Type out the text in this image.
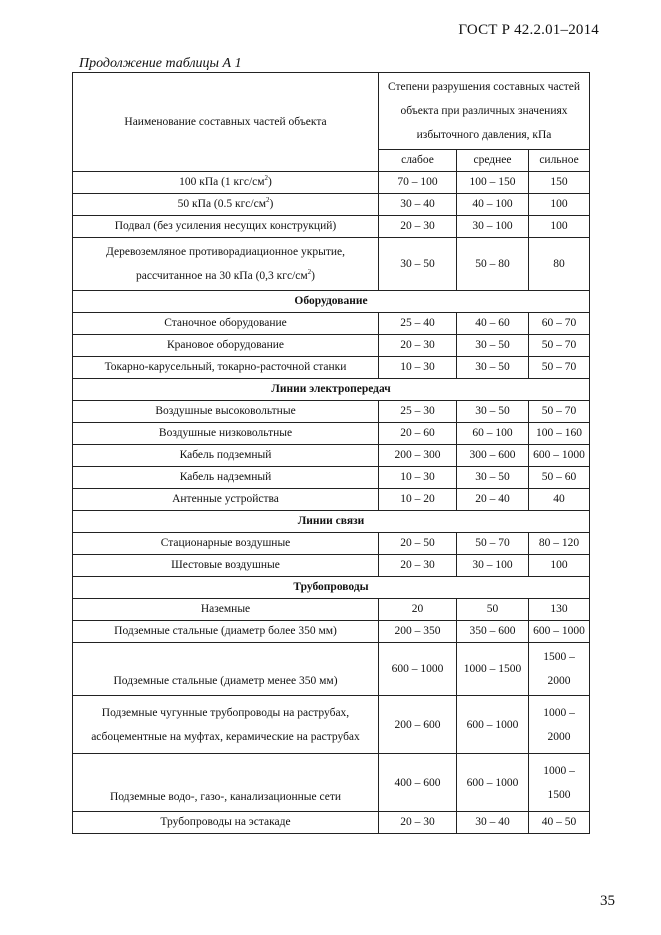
ГОСТ Р 42.2.01–2014
Продолжение таблицы А 1
Наименование составных частей объекта	Степени разрушения составных частей объекта при различных значениях избыточного давления, кПа		
	слабое	среднее	сильное
100 кПа (1 кгс/$см^2$)	70 – 100	100 – 150	150
50 кПа (0.5 кгс/$см^2$)	30 – 40	40 – 100	100
Подвал (без усиления несущих конструкций)	20 – 30	30 – 100	100
Деревоземляное противорадиационное укрытие, рассчитанное на 30 кПа (0,3 кгс/$см^2$)	30 – 50	50 – 80	80
Оборудование			
Станочное оборудование	25 – 40	40 – 60	60 – 70
Крановое оборудование	20 – 30	30 – 50	50 – 70
Токарно-карусельный, токарно-расточной станки	10 – 30	30 – 50	50 – 70
Линии электропередач			
Воздушные высоковольтные	25 – 30	30 – 50	50 – 70
Воздушные низковольтные	20 – 60	60 – 100	100 – 160
Кабель подземный	200 – 300	300 – 600	600 – 1000
Кабель надземный	10 – 30	30 – 50	50 – 60
Антенные устройства	10 – 20	20 – 40	40
Линии связи			
Стационарные воздушные	20 – 50	50 – 70	80 – 120
Шестовые воздушные	20 – 30	30 – 100	100
Трубопроводы			
Наземные	20	50	130
Подземные стальные (диаметр более 350 мм)	200 – 350	350 – 600	600 – 1000
Подземные стальные (диаметр менее 350 мм)	600 – 1000	1000 – 1500	1500 – 2000
Подземные чугунные трубопроводы на раструбах, асбоцементные на муфтах, керамические на раструбах	200 – 600	600 – 1000	1000 – 2000
Подземные водо-, газо-, канализационные сети	400 – 600	600 – 1000	1000 – 1500
Трубопроводы на эстакаде	20 – 30	30 – 40	40 – 50
35
